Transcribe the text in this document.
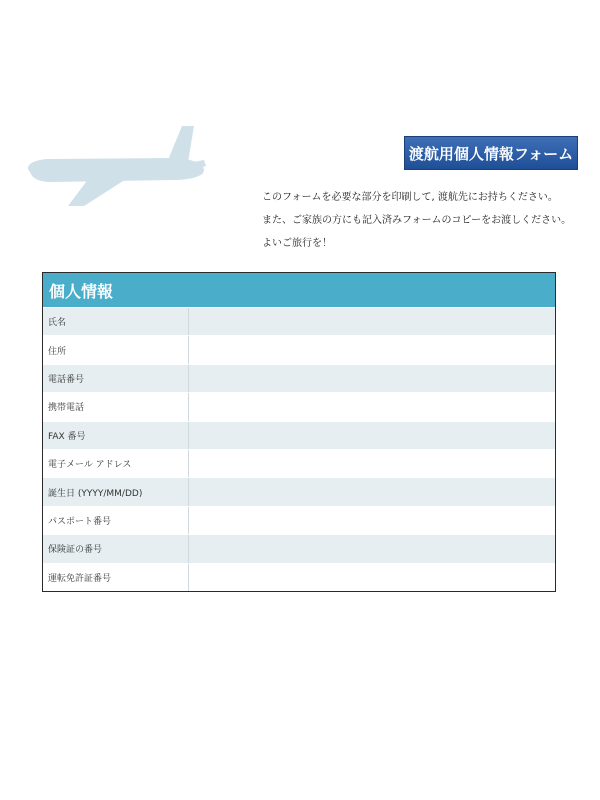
渡航用個人情報フォーム
このフォームを必要な部分を印刷して, 渡航先にお持ちください。
また、ご家族の方にも記入済みフォームのコピーをお渡しください。
よいご旅行を！
個人情報
氏名
住所
電話番号
携帯電話
FAX 番号
電子メール アドレス
誕生日 (YYYY/MM/DD)
パスポート番号
保険証の番号
運転免許証番号
